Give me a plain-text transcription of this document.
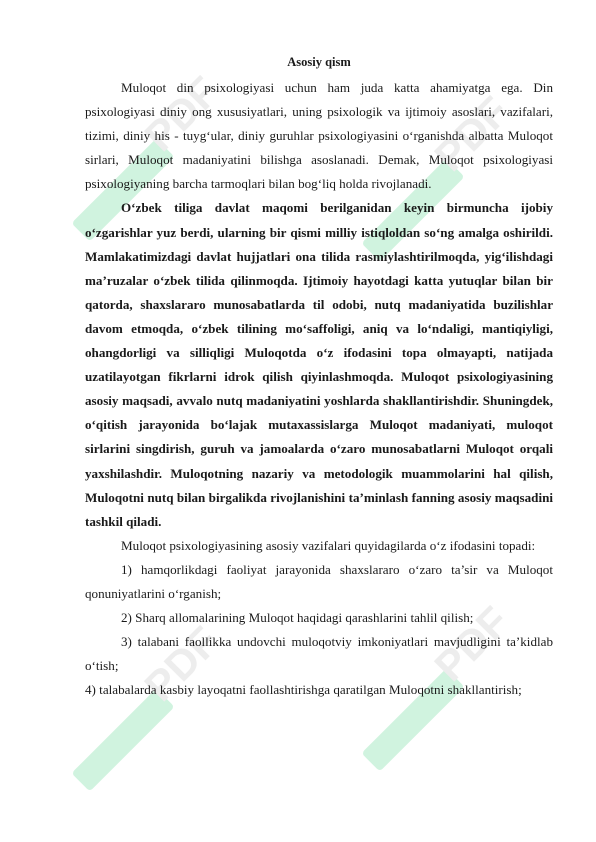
PDF	PDF
PDF	PDF
Asosiy qism

Muloqot din psixologiyasi uchun ham juda katta ahamiyatga ega. Din psixologiyasi diniy ong xususiyatlari, uning psixologik va ijtimoiy asoslari, vazifalari, tizimi, diniy his - tuyg‘ular, diniy guruhlar psixologiyasini o‘rganishda albatta Muloqot sirlari, Muloqot madaniyatini bilishga asoslanadi. Demak, Muloqot psixologiyasi psixologiyaning barcha tarmoqlari bilan bog‘liq holda rivojlanadi.

O‘zbek tiliga davlat maqomi berilganidan keyin birmuncha ijobiy o‘zgarishlar yuz berdi, ularning bir qismi milliy istiqloldan so‘ng amalga oshirildi. Mamlakatimizdagi davlat hujjatlari ona tilida rasmiylashtirilmoqda, yig‘ilishdagi ma’ruzalar o‘zbek tilida qilinmoqda. Ijtimoiy hayotdagi katta yutuqlar bilan bir qatorda, shaxslararo munosabatlarda til odobi, nutq madaniyatida buzilishlar davom etmoqda, o‘zbek tilining mo‘saffoligi, aniq va lo‘ndaligi, mantiqiyligi, ohangdorligi va silliqligi Muloqotda o‘z ifodasini topa olmayapti, natijada uzatilayotgan fikrlarni idrok qilish qiyinlashmoqda. Muloqot psixologiyasining asosiy maqsadi, avvalo nutq madaniyatini yoshlarda shakllantirishdir. Shuningdek, o‘qitish jarayonida bo‘lajak mutaxassislarga Muloqot madaniyati, muloqot sirlarini singdirish, guruh va jamoalarda o‘zaro munosabatlarni Muloqot orqali yaxshilashdir. Muloqotning nazariy va metodologik muammolarini hal qilish, Muloqotni nutq bilan birgalikda rivojlanishini ta’minlash fanning asosiy maqsadini tashkil qiladi.

Muloqot psixologiyasining asosiy vazifalari quyidagilarda o‘z ifodasini topadi:

1) hamqorlikdagi faoliyat jarayonida shaxslararo o‘zaro ta’sir va Muloqot qonuniyatlarini o‘rganish;

2) Sharq allomalarining Muloqot haqidagi qarashlarini tahlil qilish;

3) talabani faollikka undovchi muloqotviy imkoniyatlari mavjudligini ta’kidlab o‘tish;

4) talabalarda kasbiy layoqatni faollashtirishga qaratilgan Muloqotni shakllantirish;
